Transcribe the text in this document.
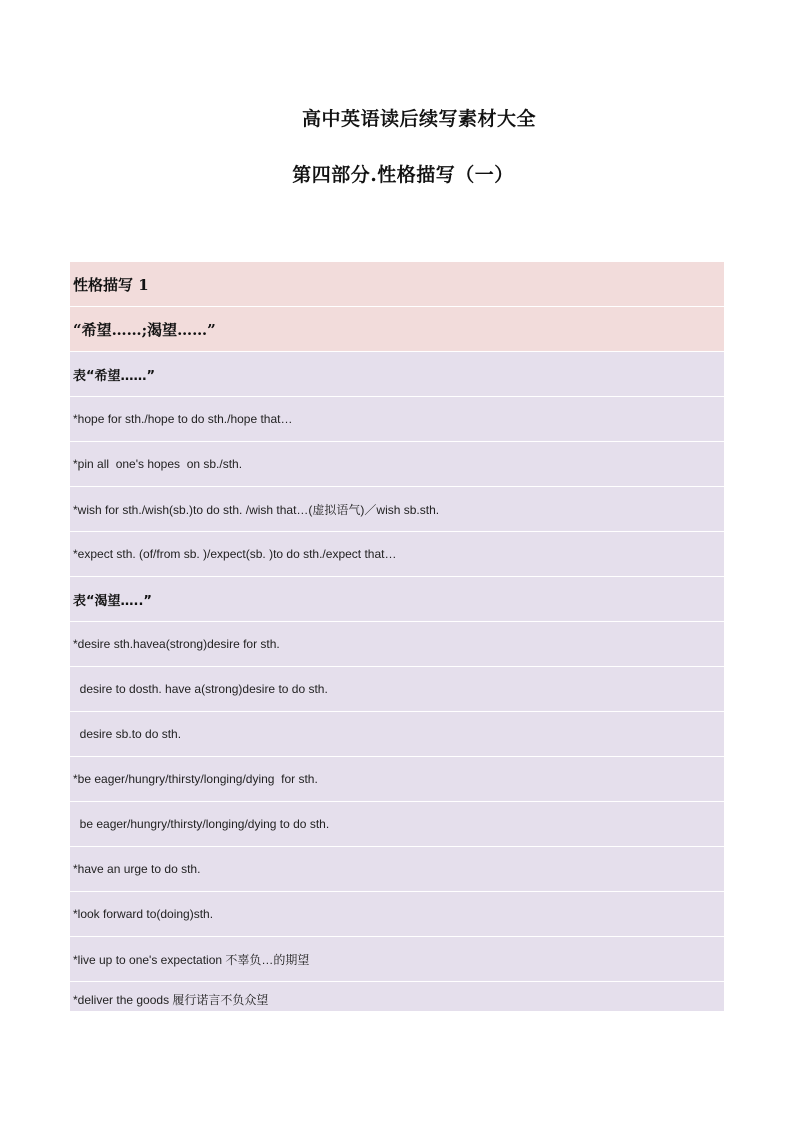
高中英语读后续写素材大全
第四部分.性格描写（一）
性格描写 1
“希望……;渴望……”
表“希望……”
*hope for sth./hope to do sth./hope that…
*pin all  one's hopes  on sb./sth.
*wish for sth./wish(sb.)to do sth. /wish that…(虚拟语气)／wish sb.sth.
*expect sth. (of/from sb. )/expect(sb. )to do sth./expect that…
表“渴望…..”
*desire sth.havea(strong)desire for sth.
desire to dosth. have a(strong)desire to do sth.
desire sb.to do sth.
*be eager/hungry/thirsty/longing/dying  for sth.
be eager/hungry/thirsty/longing/dying to do sth.
*have an urge to do sth.
*look forward to(doing)sth.
*live up to one's expectation 不辜负…的期望
*deliver the goods 履行诺言不负众望
